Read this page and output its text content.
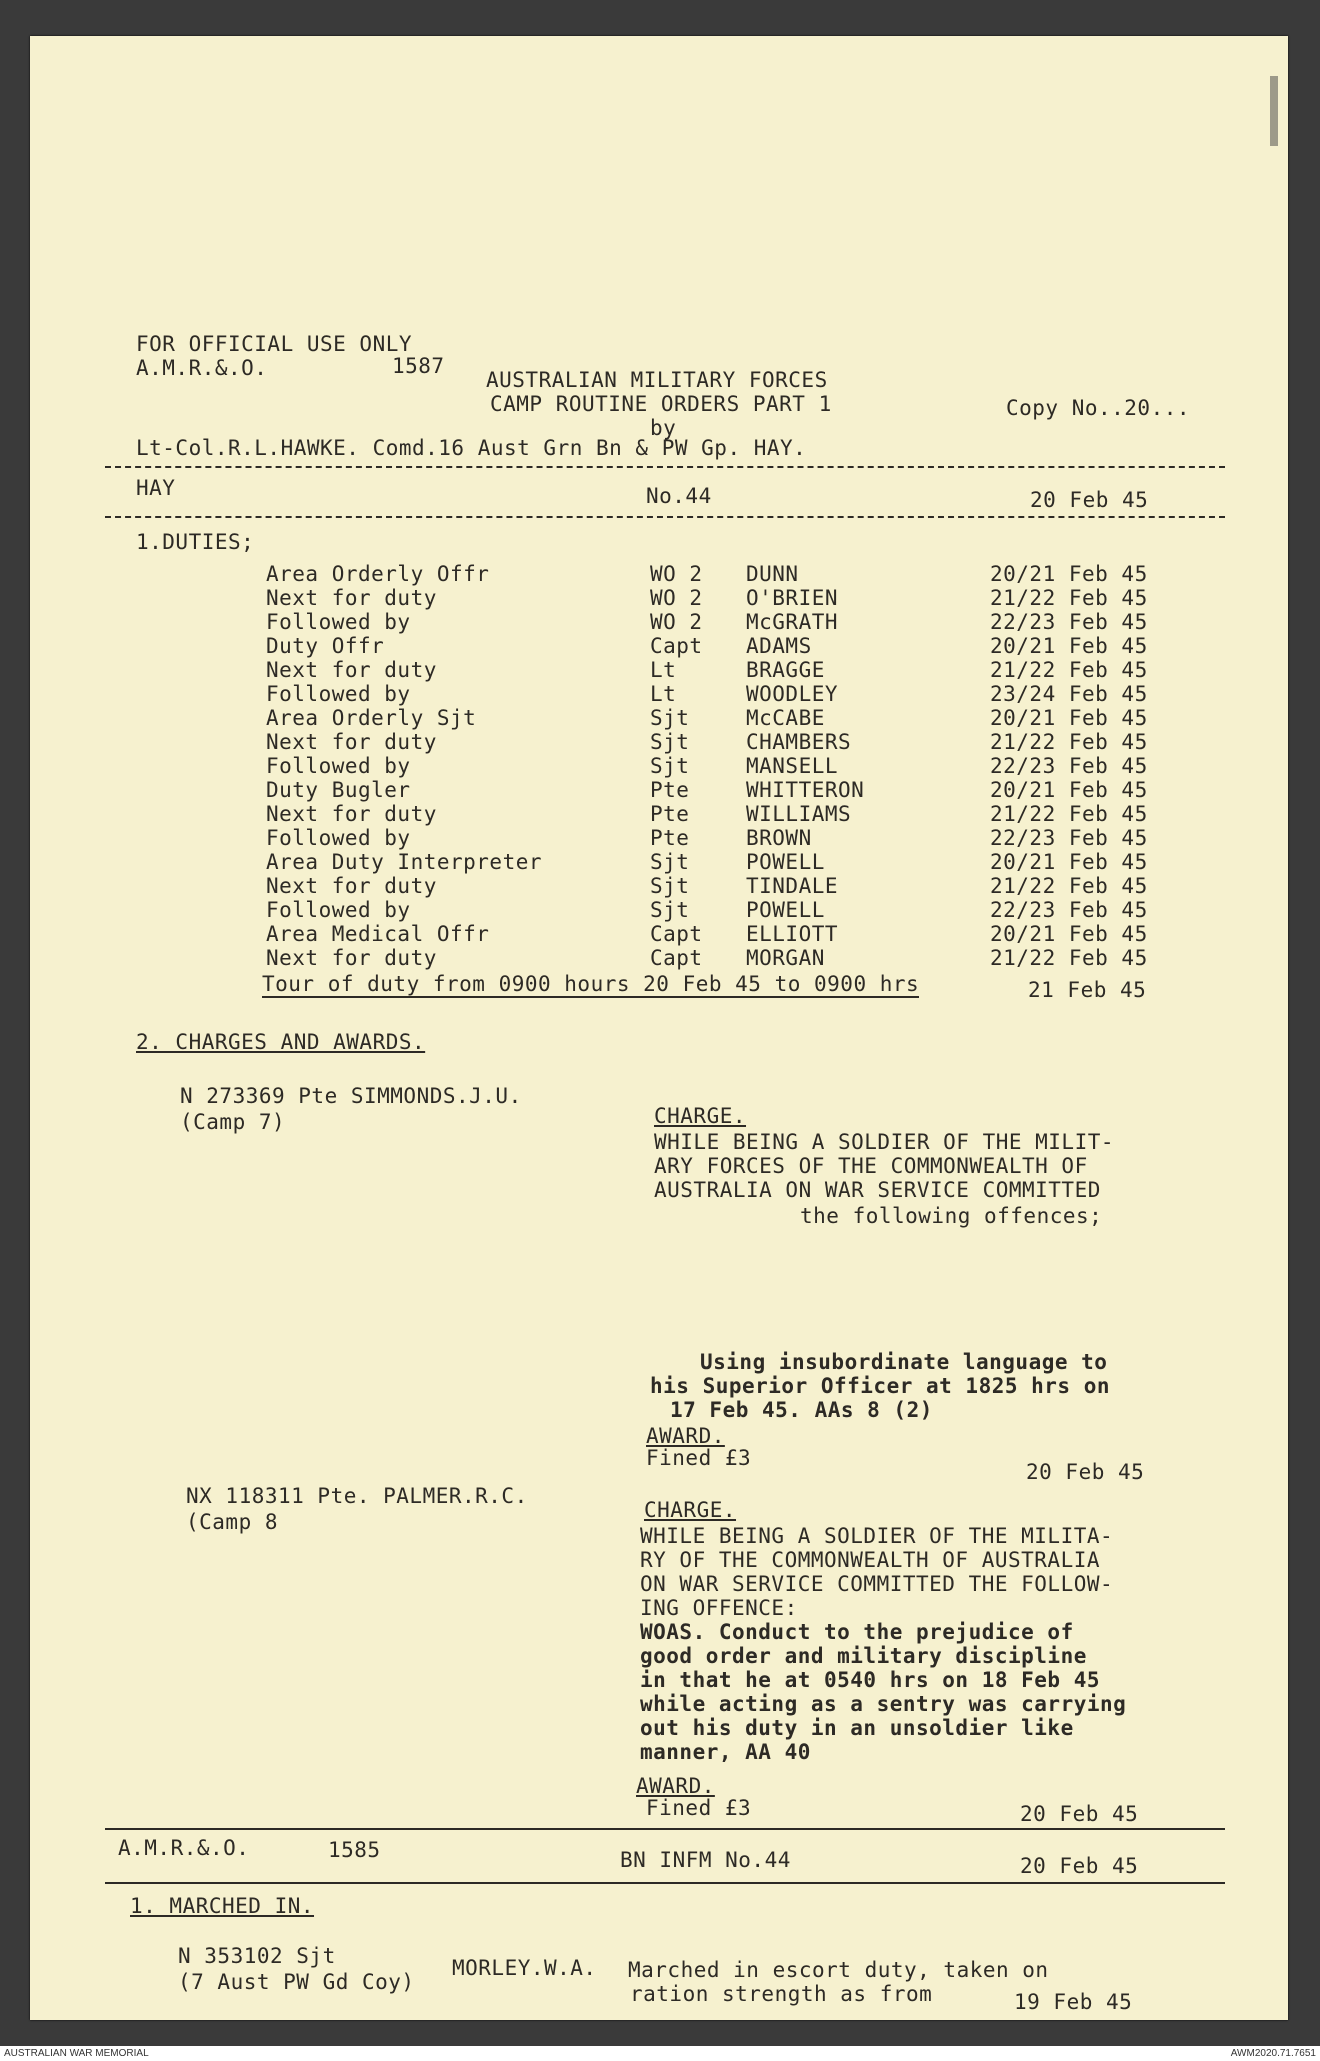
FOR OFFICIAL USE ONLY
A.M.R.&.O.	1587
AUSTRALIAN MILITARY FORCES
CAMP ROUTINE ORDERS PART 1
by
Copy No..20...
Lt-Col.R.L.HAWKE. Comd.16 Aust Grn Bn & PW Gp. HAY.
HAY	No.44	20 Feb 45
1.DUTIES;
Area Orderly Offr	WO 2 DUNN	20/21 Feb 45
Next for duty	WO 2 O'BRIEN	21/22 Feb 45
Followed by	WO 2 McGRATH	22/23 Feb 45
Duty Offr	Capt ADAMS	20/21 Feb 45
Next for duty	Lt	BRAGGE	21/22 Feb 45
Followed by	Lt	WOODLEY	23/24 Feb 45
Area Orderly Sjt	Sjt	McCABE	20/21 Feb 45
Next for duty	Sjt	CHAMBERS	21/22 Feb 45
Followed by	Sjt	MANSELL	22/23 Feb 45
Duty Bugler	Pte	WHITTERON	20/21 Feb 45
Next for duty	Pte	WILLIAMS	21/22 Feb 45
Followed by	Pte	BROWN	22/23 Feb 45
Area Duty Interpreter	Sjt	POWELL	20/21 Feb 45
Next for duty	Sjt	TINDALE	21/22 Feb 45
Followed by	Sjt	POWELL	22/23 Feb 45
Area Medical Offr	Capt ELLIOTT	20/21 Feb 45
Next for duty	Capt MORGAN	21/22 Feb 45
Tour of duty from 0900 hours 20 Feb 45 to 0900 hrs	21 Feb 45
2. CHARGES AND AWARDS.
N 273369 Pte SIMMONDS.J.U.
(Camp 7)	CHARGE.
WHILE BEING A SOLDIER OF THE MILIT-
ARY FORCES OF THE COMMONWEALTH OF
AUSTRALIA ON WAR SERVICE COMMITTED
the following offences;
Using insubordinate language to
his Superior Officer at 1825 hrs on
17 Feb 45. AAs 8 (2)
AWARD.
Fined £3
20 Feb 45
NX 118311 Pte. PALMER.R.C.
(Camp 8	CHARGE.
WHILE BEING A SOLDIER OF THE MILITA-
RY OF THE COMMONWEALTH OF AUSTRALIA
ON WAR SERVICE COMMITTED THE FOLLOW-
ING OFFENCE:
WOAS. Conduct to the prejudice of
good order and military discipline
in that he at 0540 hrs on 18 Feb 45
while acting as a sentry was carrying
out his duty in an unsoldier like
manner, AA 40
AWARD.
Fined £3	20 Feb 45
A.M.R.&.O.	1585	BN INFM No.44	20 Feb 45
1. MARCHED IN.
N 353102 Sjt
(7 Aust PW Gd Coy)
MORLEY.W.A. Marched in escort duty, taken on
ration strength as from	19 Feb 45
AUSTRALIAN WAR MEMORIAL	AWM2020.71.7651
